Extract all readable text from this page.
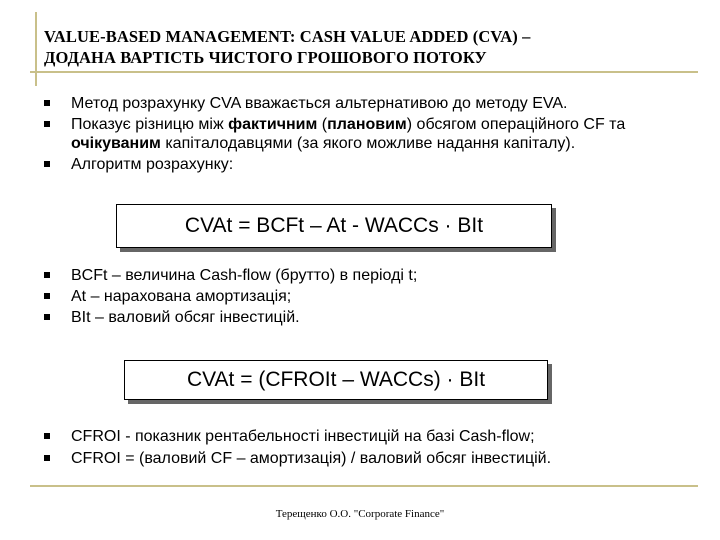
VALUE-BASED MANAGEMENT: CASH VALUE ADDED (CVA) –
ДОДАНА ВАРТІСТЬ ЧИСТОГО ГРОШОВОГО ПОТОКУ
Метод розрахунку CVA вважається альтернативою до методу EVA.
Показує різницю між фактичним (плановим) обсягом операційного CF та очікуваним капіталодавцями (за якого можливе надання капіталу).
Алгоритм розрахунку:
CVAt = BCFt – At - WACCs · BIt
BCFt – величина Cash-flow (брутто) в періоді t;
At – нарахована амортизація;
BIt – валовий обсяг інвестицій.
CVAt = (CFROIt – WACCs) · BIt
CFROI - показник рентабельності інвестицій на базі Cash-flow;
CFROI = (валовий CF – амортизація) / валовий обсяг інвестицій.
Терещенко О.О. "Corporate Finance"
